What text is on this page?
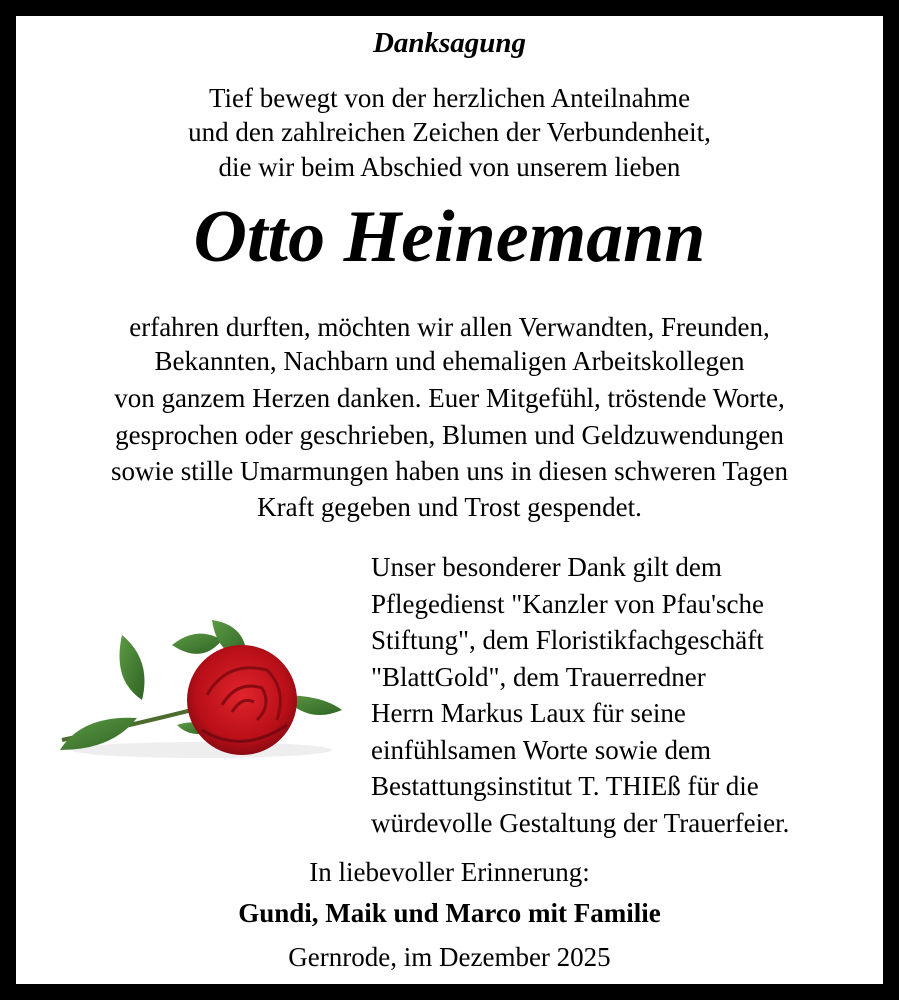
Danksagung
Tief bewegt von der herzlichen Anteilnahme
und den zahlreichen Zeichen der Verbundenheit,
die wir beim Abschied von unserem lieben
Otto Heinemann
erfahren durften, möchten wir allen Verwandten, Freunden,
Bekannten, Nachbarn und ehemaligen Arbeitskollegen
von ganzem Herzen danken. Euer Mitgefühl, tröstende Worte,
gesprochen oder geschrieben, Blumen und Geldzuwendungen
sowie stille Umarmungen haben uns in diesen schweren Tagen
Kraft gegeben und Trost gespendet.
Unser besonderer Dank gilt dem
Pflegedienst "Kanzler von Pfau'sche
Stiftung", dem Floristikfachgeschäft
"BlattGold", dem Trauerredner
Herrn Markus Laux für seine
einfühlsamen Worte sowie dem
Bestattungsinstitut T. THIEß für die
würdevolle Gestaltung der Trauerfeier.
In liebevoller Erinnerung:
Gundi, Maik und Marco mit Familie
Gernrode, im Dezember 2025
